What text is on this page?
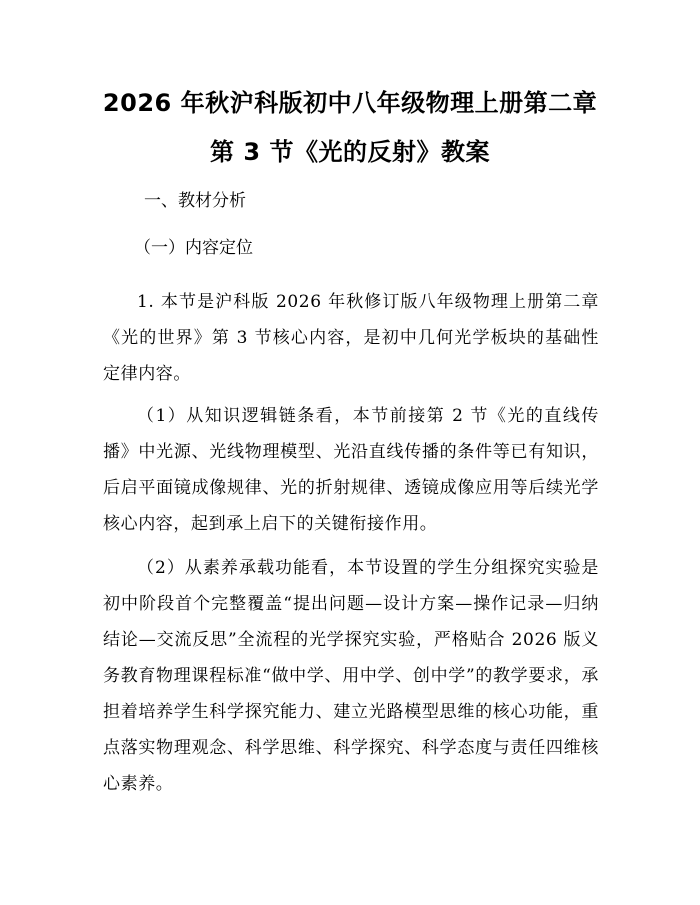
2026 年秋沪科版初中八年级物理上册第二章
第 3 节《光的反射》教案
一、教材分析
（一）内容定位
1. 本节是沪科版 2026 年秋修订版八年级物理上册第二章《光的世界》第 3 节核心内容，是初中几何光学板块的基础性定律内容。
（1）从知识逻辑链条看，本节前接第 2 节《光的直线传播》中光源、光线物理模型、光沿直线传播的条件等已有知识，后启平面镜成像规律、光的折射规律、透镜成像应用等后续光学核心内容，起到承上启下的关键衔接作用。
（2）从素养承载功能看，本节设置的学生分组探究实验是初中阶段首个完整覆盖“提出问题—设计方案—操作记录—归纳结论—交流反思”全流程的光学探究实验，严格贴合 2026 版义务教育物理课程标准“做中学、用中学、创中学”的教学要求，承担着培养学生科学探究能力、建立光路模型思维的核心功能，重点落实物理观念、科学思维、科学探究、科学态度与责任四维核心素养。
